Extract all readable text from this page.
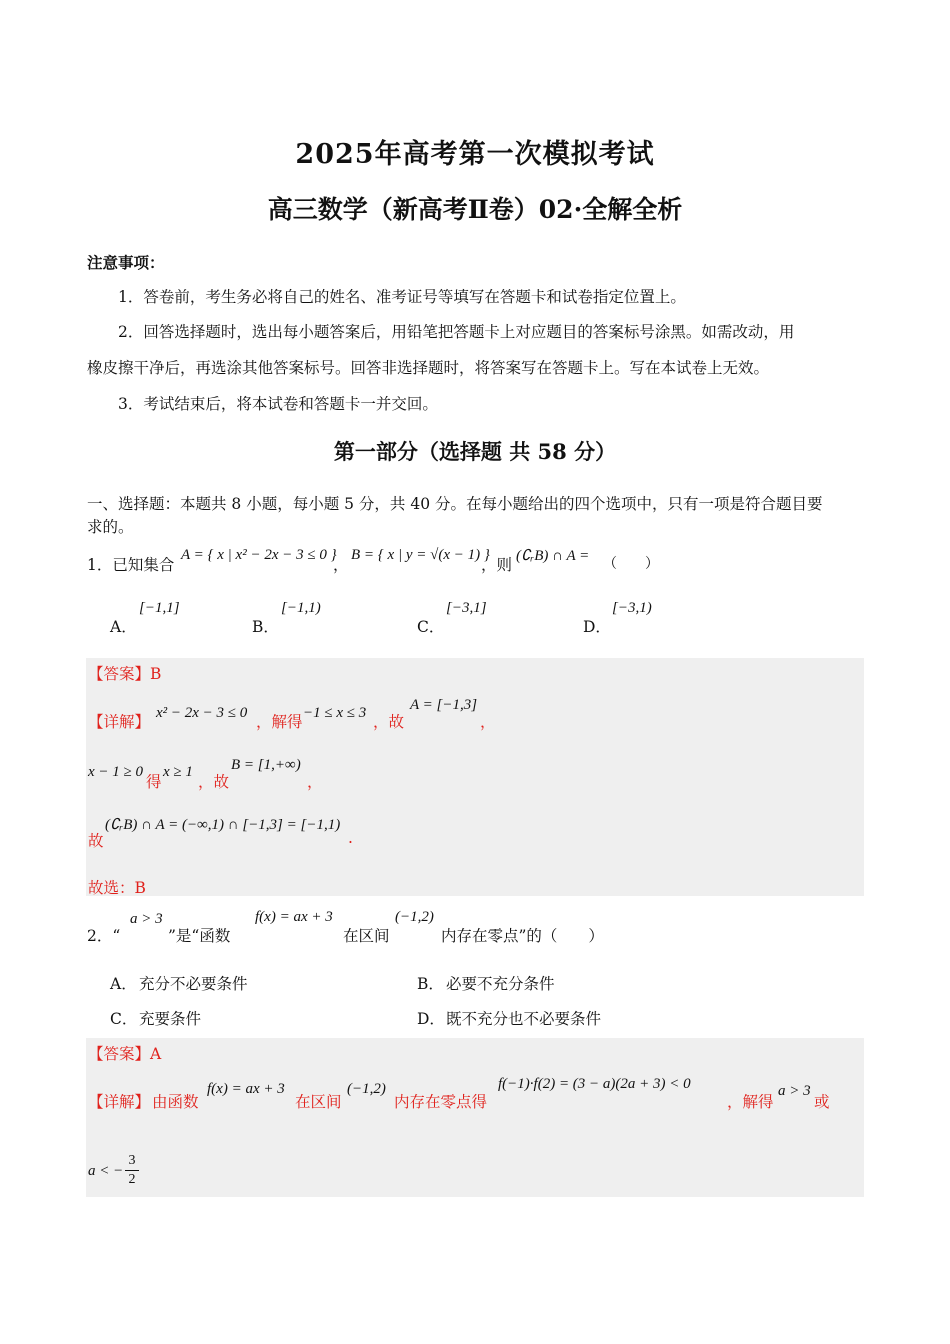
2025年高考第一次模拟考试
高三数学（新高考Ⅱ卷）02·全解全析
注意事项：
1．答卷前，考生务必将自己的姓名、准考证号等填写在答题卡和试卷指定位置上。
2．回答选择题时，选出每小题答案后，用铅笔把答题卡上对应题目的答案标号涂黑。如需改动，用
橡皮擦干净后，再选涂其他答案标号。回答非选择题时，将答案写在答题卡上。写在本试卷上无效。
3．考试结束后，将本试卷和答题卡一并交回。
第一部分（选择题 共 58 分）
一、选择题：本题共 8 小题，每小题 5 分，共 40 分。在每小题给出的四个选项中，只有一项是符合题目要
求的。
1．已知集合
A = { x | x² − 2x − 3 ≤ 0 }
，
B = { x | y = √(x − 1) }
，则 (∁ᵣB) ∩ A = （　　）
A．
[−1,1]
B．
[−1,1)
C．
[−3,1]
D．
[−3,1)
【答案】B
【详解】 x² − 2x − 3 ≤ 0 ，解得 −1 ≤ x ≤ 3 ，故
A = [−1,3]
，
x − 1 ≥ 0
得
x ≥ 1
，故
B = [1,+∞)
，
故
(∁ᵣB) ∩ A = (−∞,1) ∩ [−1,3] = [−1,1)
.
故选：B
2．“
a > 3
”是“函数
f(x) = ax + 3
在区间
(−1,2)
内存在零点”的（　　）
A． 充分不必要条件	B． 必要不充分条件
C． 充要条件	D． 既不充分也不必要条件
【答案】A
【详解】 由函数
f(x) = ax + 3
在区间
(−1,2)
内存在零点得
f(−1)·f(2) = (3 − a)(2a + 3) < 0
，解得
a > 3
或
a < − $\frac{3}{2}$
